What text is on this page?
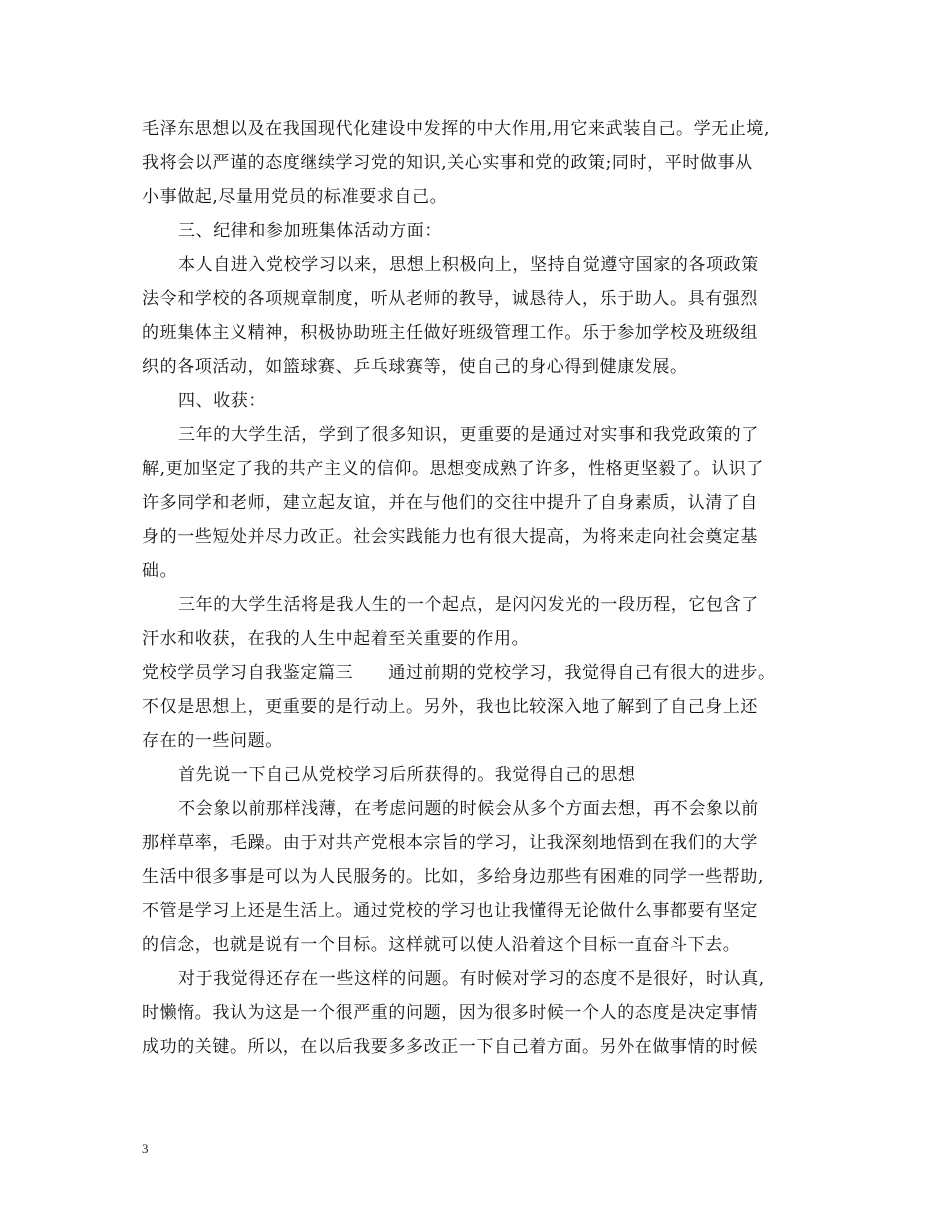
毛泽东思想以及在我国现代化建设中发挥的中大作用,用它来武装自己。学无止境,
我将会以严谨的态度继续学习党的知识,关心实事和党的政策;同时，平时做事从
小事做起,尽量用党员的标准要求自己。
三、纪律和参加班集体活动方面：
本人自进入党校学习以来，思想上积极向上，坚持自觉遵守国家的各项政策
法令和学校的各项规章制度，听从老师的教导，诚恳待人，乐于助人。具有强烈
的班集体主义精神，积极协助班主任做好班级管理工作。乐于参加学校及班级组
织的各项活动，如篮球赛、乒乓球赛等，使自己的身心得到健康发展。
四、收获：
三年的大学生活，学到了很多知识，更重要的是通过对实事和我党政策的了
解,更加坚定了我的共产主义的信仰。思想变成熟了许多，性格更坚毅了。认识了
许多同学和老师，建立起友谊，并在与他们的交往中提升了自身素质，认清了自
身的一些短处并尽力改正。社会实践能力也有很大提高，为将来走向社会奠定基
础。
三年的大学生活将是我人生的一个起点，是闪闪发光的一段历程，它包含了
汗水和收获，在我的人生中起着至关重要的作用。
党校学员学习自我鉴定篇三　　通过前期的党校学习，我觉得自己有很大的进步。
不仅是思想上，更重要的是行动上。另外，我也比较深入地了解到了自己身上还
存在的一些问题。
首先说一下自己从党校学习后所获得的。我觉得自己的思想
不会象以前那样浅薄，在考虑问题的时候会从多个方面去想，再不会象以前
那样草率，毛躁。由于对共产党根本宗旨的学习，让我深刻地悟到在我们的大学
生活中很多事是可以为人民服务的。比如，多给身边那些有困难的同学一些帮助,
不管是学习上还是生活上。通过党校的学习也让我懂得无论做什么事都要有坚定
的信念，也就是说有一个目标。这样就可以使人沿着这个目标一直奋斗下去。
对于我觉得还存在一些这样的问题。有时候对学习的态度不是很好，时认真,
时懒惰。我认为这是一个很严重的问题，因为很多时候一个人的态度是决定事情
成功的关键。所以，在以后我要多多改正一下自己着方面。另外在做事情的时候
3
